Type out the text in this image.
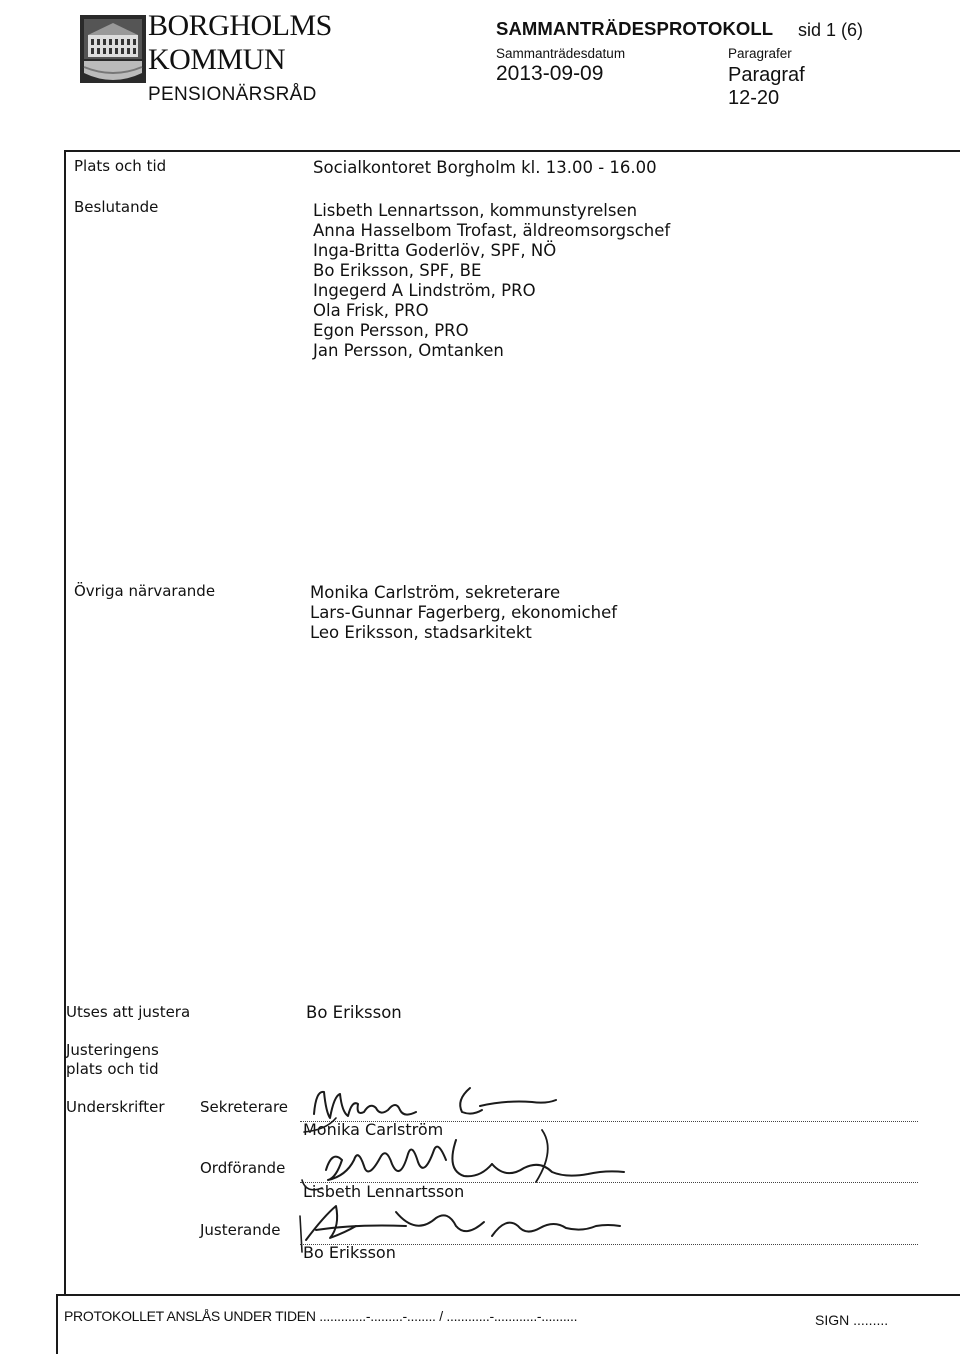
BORGHOLMS
KOMMUN
PENSIONÄRSRÅD
SAMMANTRÄDESPROTOKOLL sid 1 (6)
Sammanträdesdatum
2013-09-09
Paragrafer
Paragraf
12-20
Plats och tid	Socialkontoret Borgholm kl. 13.00 - 16.00
Beslutande	Lisbeth Lennartsson, kommunstyrelsen
Anna Hasselbom Trofast, äldreomsorgschef
Inga-Britta Goderlöv, SPF, NÖ
Bo Eriksson, SPF, BE
Ingegerd A Lindström, PRO
Ola Frisk, PRO
Egon Persson, PRO
Jan Persson, Omtanken
Övriga närvarande	Monika Carlström, sekreterare
Lars-Gunnar Fagerberg, ekonomichef
Leo Eriksson, stadsarkitekt
Utses att justera	Bo Eriksson
Justeringens
plats och tid
Underskrifter Sekreterare
Monika Carlström
Ordförande
Lisbeth Lennartsson
Justerande
Bo Eriksson
PROTOKOLLET ANSLÅS UNDER TIDEN .............-.........-........ / ............-............-..........	SIGN .........
